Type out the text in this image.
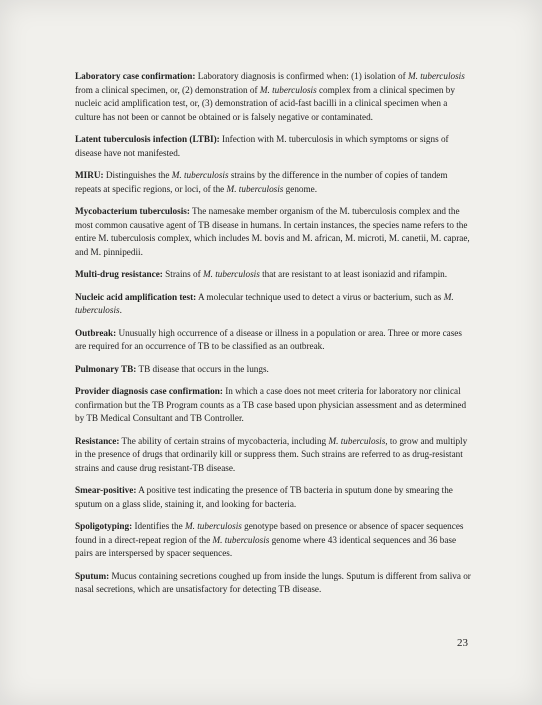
Laboratory case confirmation: Laboratory diagnosis is confirmed when: (1) isolation of M. tuberculosis from a clinical specimen, or, (2) demonstration of M. tuberculosis complex from a clinical specimen by nucleic acid amplification test, or, (3) demonstration of acid-fast bacilli in a clinical specimen when a culture has not been or cannot be obtained or is falsely negative or contaminated.

Latent tuberculosis infection (LTBI): Infection with M. tuberculosis in which symptoms or signs of disease have not manifested.

MIRU: Distinguishes the M. tuberculosis strains by the difference in the number of copies of tandem repeats at specific regions, or loci, of the M. tuberculosis genome.

Mycobacterium tuberculosis: The namesake member organism of the M. tuberculosis complex and the most common causative agent of TB disease in humans. In certain instances, the species name refers to the entire M. tuberculosis complex, which includes M. bovis and M. african, M. microti, M. canetii, M. caprae, and M. pinnipedii.

Multi-drug resistance: Strains of M. tuberculosis that are resistant to at least isoniazid and rifampin.

Nucleic acid amplification test: A molecular technique used to detect a virus or bacterium, such as M. tuberculosis.

Outbreak: Unusually high occurrence of a disease or illness in a population or area. Three or more cases are required for an occurrence of TB to be classified as an outbreak.

Pulmonary TB: TB disease that occurs in the lungs.

Provider diagnosis case confirmation: In which a case does not meet criteria for laboratory nor clinical confirmation but the TB Program counts as a TB case based upon physician assessment and as determined by TB Medical Consultant and TB Controller.

Resistance: The ability of certain strains of mycobacteria, including M. tuberculosis, to grow and multiply in the presence of drugs that ordinarily kill or suppress them. Such strains are referred to as drug-resistant strains and cause drug resistant-TB disease.

Smear-positive: A positive test indicating the presence of TB bacteria in sputum done by smearing the sputum on a glass slide, staining it, and looking for bacteria.

Spoligotyping: Identifies the M. tuberculosis genotype based on presence or absence of spacer sequences found in a direct-repeat region of the M. tuberculosis genome where 43 identical sequences and 36 base pairs are interspersed by spacer sequences.

Sputum: Mucus containing secretions coughed up from inside the lungs. Sputum is different from saliva or nasal secretions, which are unsatisfactory for detecting TB disease.

23
